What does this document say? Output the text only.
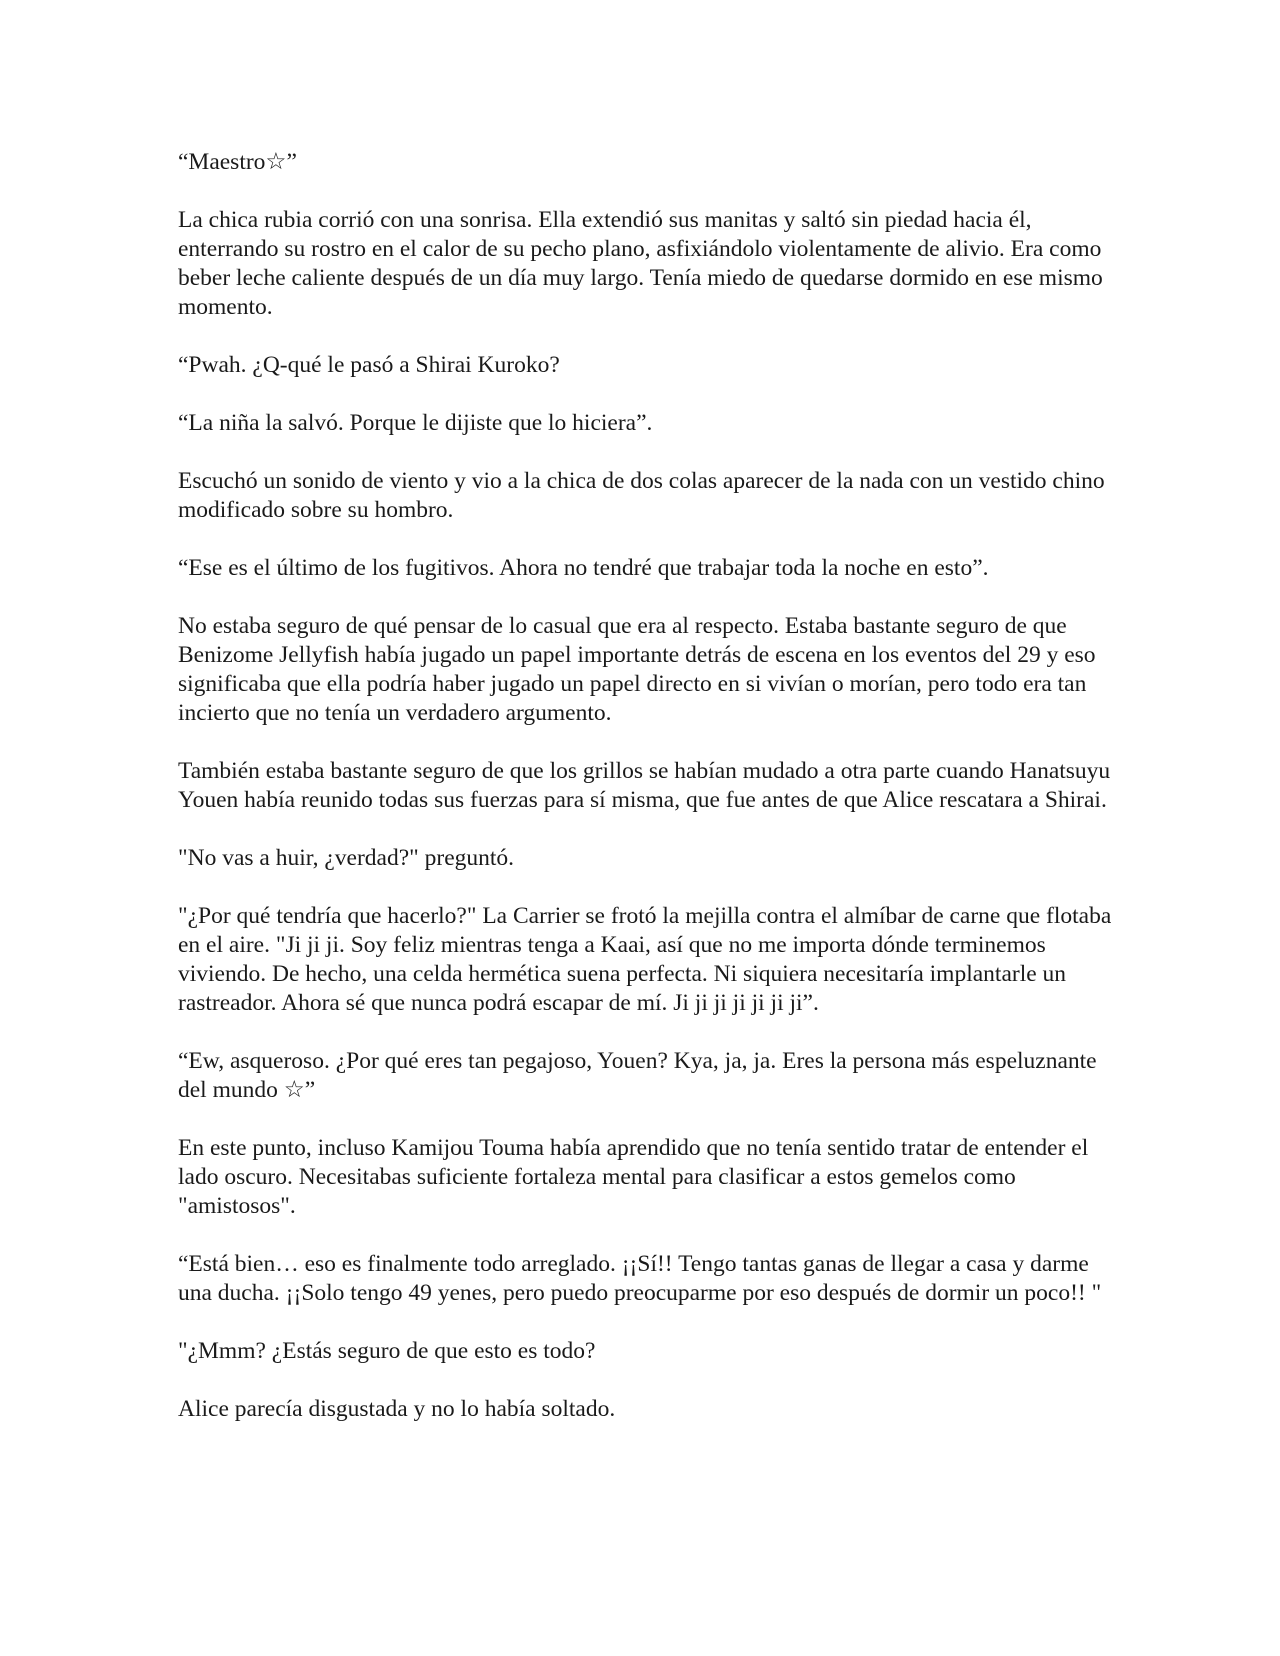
“Maestro☆”

La chica rubia corrió con una sonrisa. Ella extendió sus manitas y saltó sin piedad hacia él, enterrando su rostro en el calor de su pecho plano, asfixiándolo violentamente de alivio. Era como beber leche caliente después de un día muy largo. Tenía miedo de quedarse dormido en ese mismo momento.

“Pwah. ¿Q-qué le pasó a Shirai Kuroko?

“La niña la salvó. Porque le dijiste que lo hiciera”.

Escuchó un sonido de viento y vio a la chica de dos colas aparecer de la nada con un vestido chino modificado sobre su hombro.

“Ese es el último de los fugitivos. Ahora no tendré que trabajar toda la noche en esto”.

No estaba seguro de qué pensar de lo casual que era al respecto. Estaba bastante seguro de que Benizome Jellyfish había jugado un papel importante detrás de escena en los eventos del 29 y eso significaba que ella podría haber jugado un papel directo en si vivían o morían, pero todo era tan incierto que no tenía un verdadero argumento.

También estaba bastante seguro de que los grillos se habían mudado a otra parte cuando Hanatsuyu Youen había reunido todas sus fuerzas para sí misma, que fue antes de que Alice rescatara a Shirai.

"No vas a huir, ¿verdad?" preguntó.

"¿Por qué tendría que hacerlo?" La Carrier se frotó la mejilla contra el almíbar de carne que flotaba en el aire. "Ji ji ji. Soy feliz mientras tenga a Kaai, así que no me importa dónde terminemos viviendo. De hecho, una celda hermética suena perfecta. Ni siquiera necesitaría implantarle un rastreador. Ahora sé que nunca podrá escapar de mí. Ji ji ji ji ji ji ji”.

“Ew, asqueroso. ¿Por qué eres tan pegajoso, Youen? Kya, ja, ja. Eres la persona más espeluznante del mundo ☆”

En este punto, incluso Kamijou Touma había aprendido que no tenía sentido tratar de entender el lado oscuro. Necesitabas suficiente fortaleza mental para clasificar a estos gemelos como "amistosos".

“Está bien… eso es finalmente todo arreglado. ¡¡Sí!! Tengo tantas ganas de llegar a casa y darme una ducha. ¡¡Solo tengo 49 yenes, pero puedo preocuparme por eso después de dormir un poco!! "

"¿Mmm? ¿Estás seguro de que esto es todo?

Alice parecía disgustada y no lo había soltado.
